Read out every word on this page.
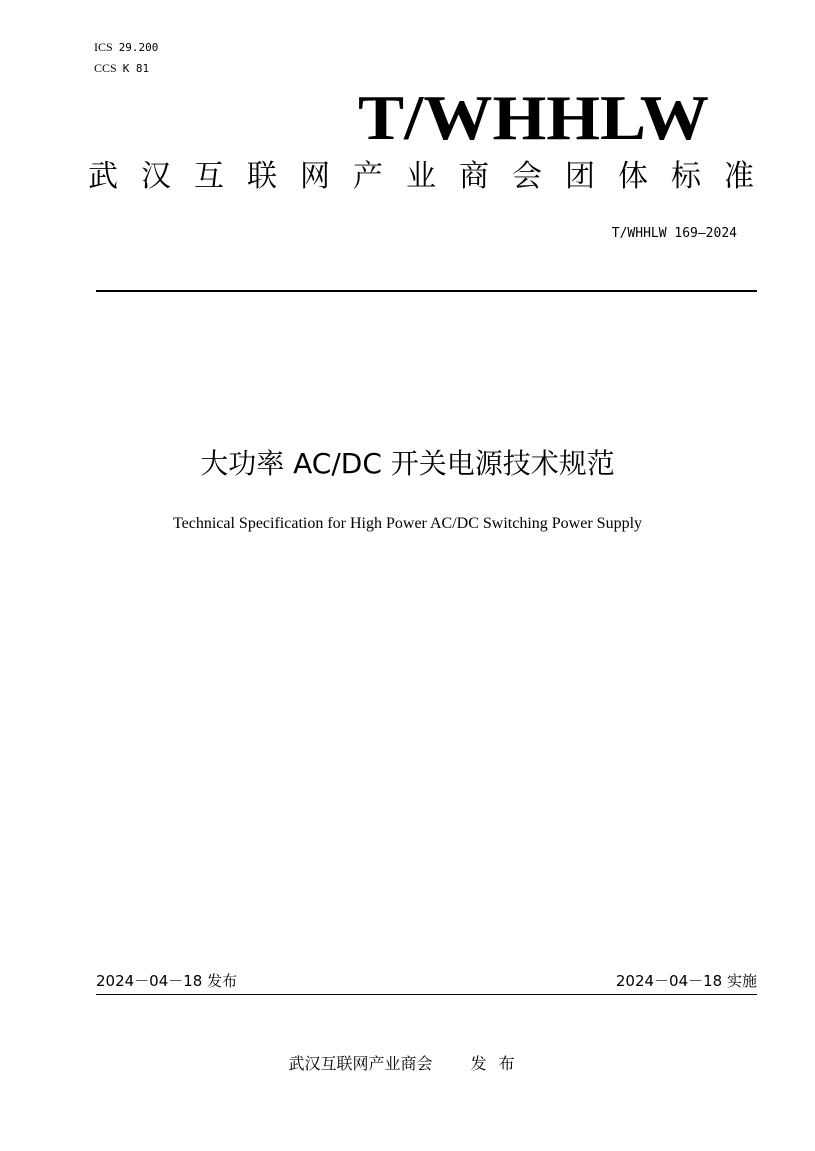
ICS 29.200
CCS K 81
T/WHHLW
武 汉 互 联 网 产 业 商 会 团 体 标 准
T/WHHLW 169—2024
大功率 AC/DC 开关电源技术规范
Technical Specification for High Power AC/DC Switching Power Supply
2024－04－18 发布	2024－04－18 实施
武汉互联网产业商会 发布
